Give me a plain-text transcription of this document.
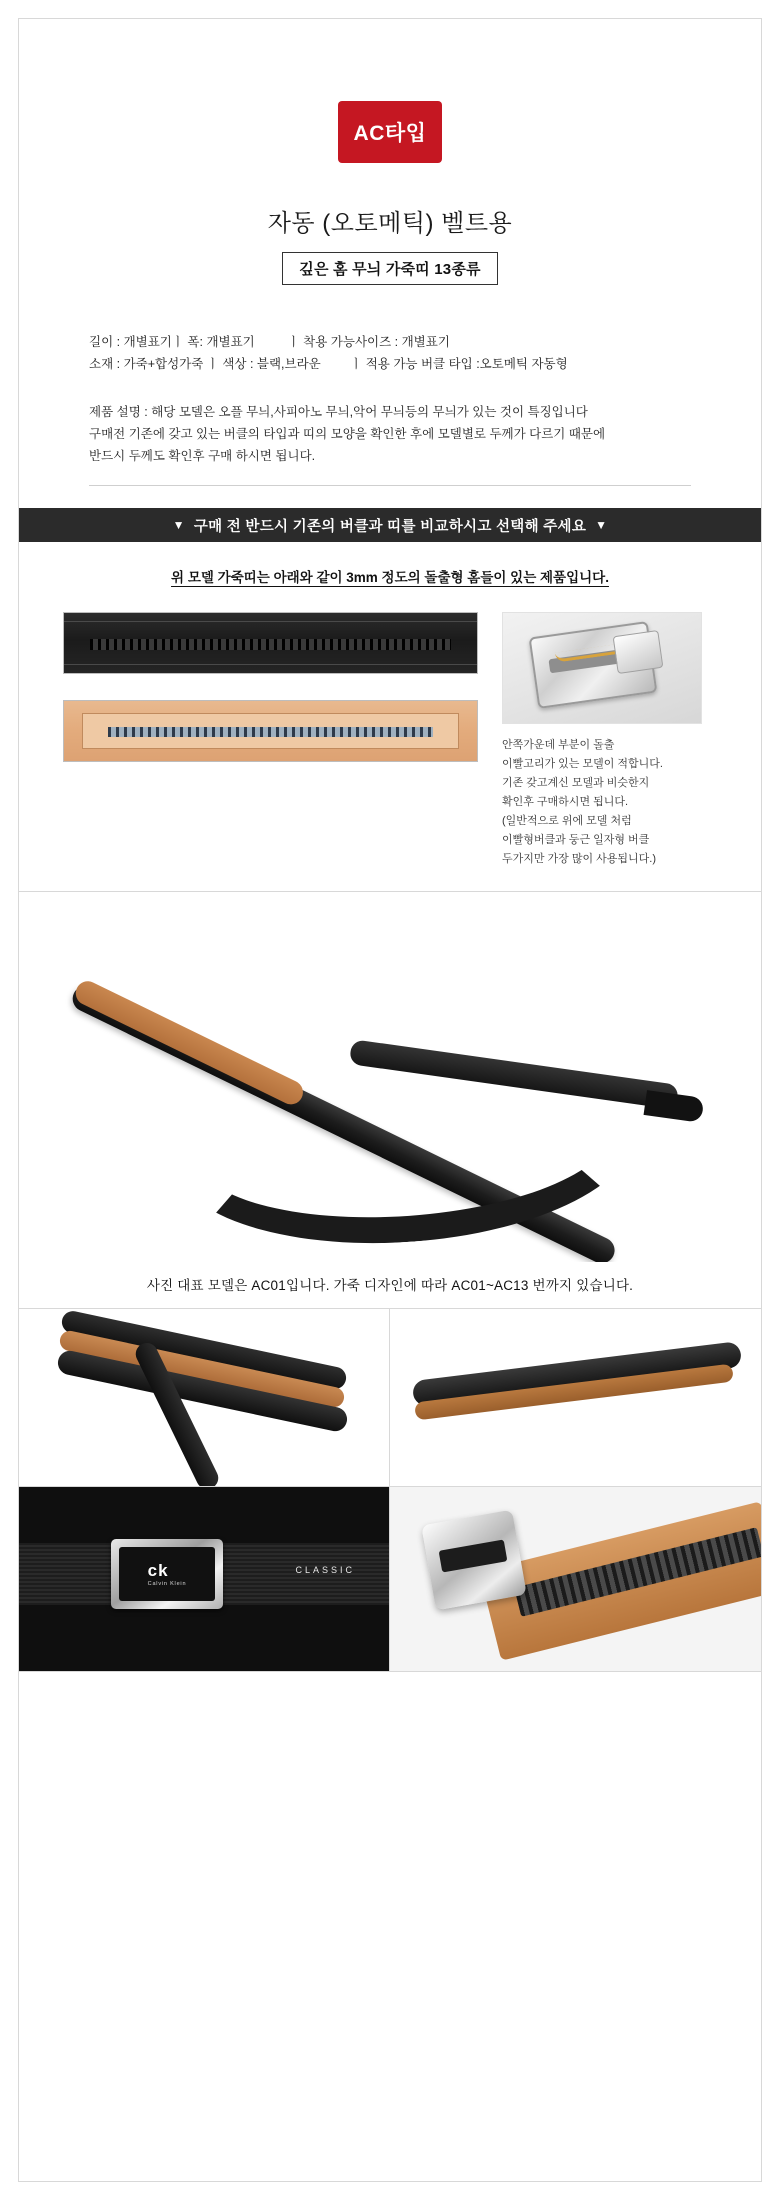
AC타입
자동 (오토메틱) 벨트용
깊은 홈 무늬 가죽띠 13종류
길이 : 개별표기ㅣ 폭: 개별표기	ㅣ 착용 가능사이즈 : 개별표기
소재 : 가죽+합성가죽 ㅣ 색상 : 블랙,브라운 ㅣ 적용 가능 버클 타입 :오토메틱 자동형
제품 설명 : 해당 모델은 오플 무늬,사피아노 무늬,악어 무늬등의 무늬가 있는 것이 특징입니다
구매전 기존에 갖고 있는 버클의 타입과 띠의 모양을 확인한 후에 모델별로 두께가 다르기 때문에
반드시 두께도 확인후 구매 하시면 됩니다.
▼ 구매 전 반드시 기존의 버클과 띠를 비교하시고 선택해 주세요 ▼
위 모델 가죽띠는 아래와 같이 3mm 정도의 돌출형 홈들이 있는 제품입니다.
안쪽가운데 부분이 돌출
이빨고리가 있는 모델이 적합니다.
기존 갖고계신 모델과 비슷한지
확인후 구매하시면 됩니다.
(일반적으로 위에 모델 처럼
이빨형버클과 둥근 일자형 버클
두가지만 가장 많이 사용됩니다.)
사진 대표 모델은 AC01입니다. 가죽 디자인에 따라 AC01~AC13 번까지 있습니다.
ck
Calvin Klein
CLASSIC
